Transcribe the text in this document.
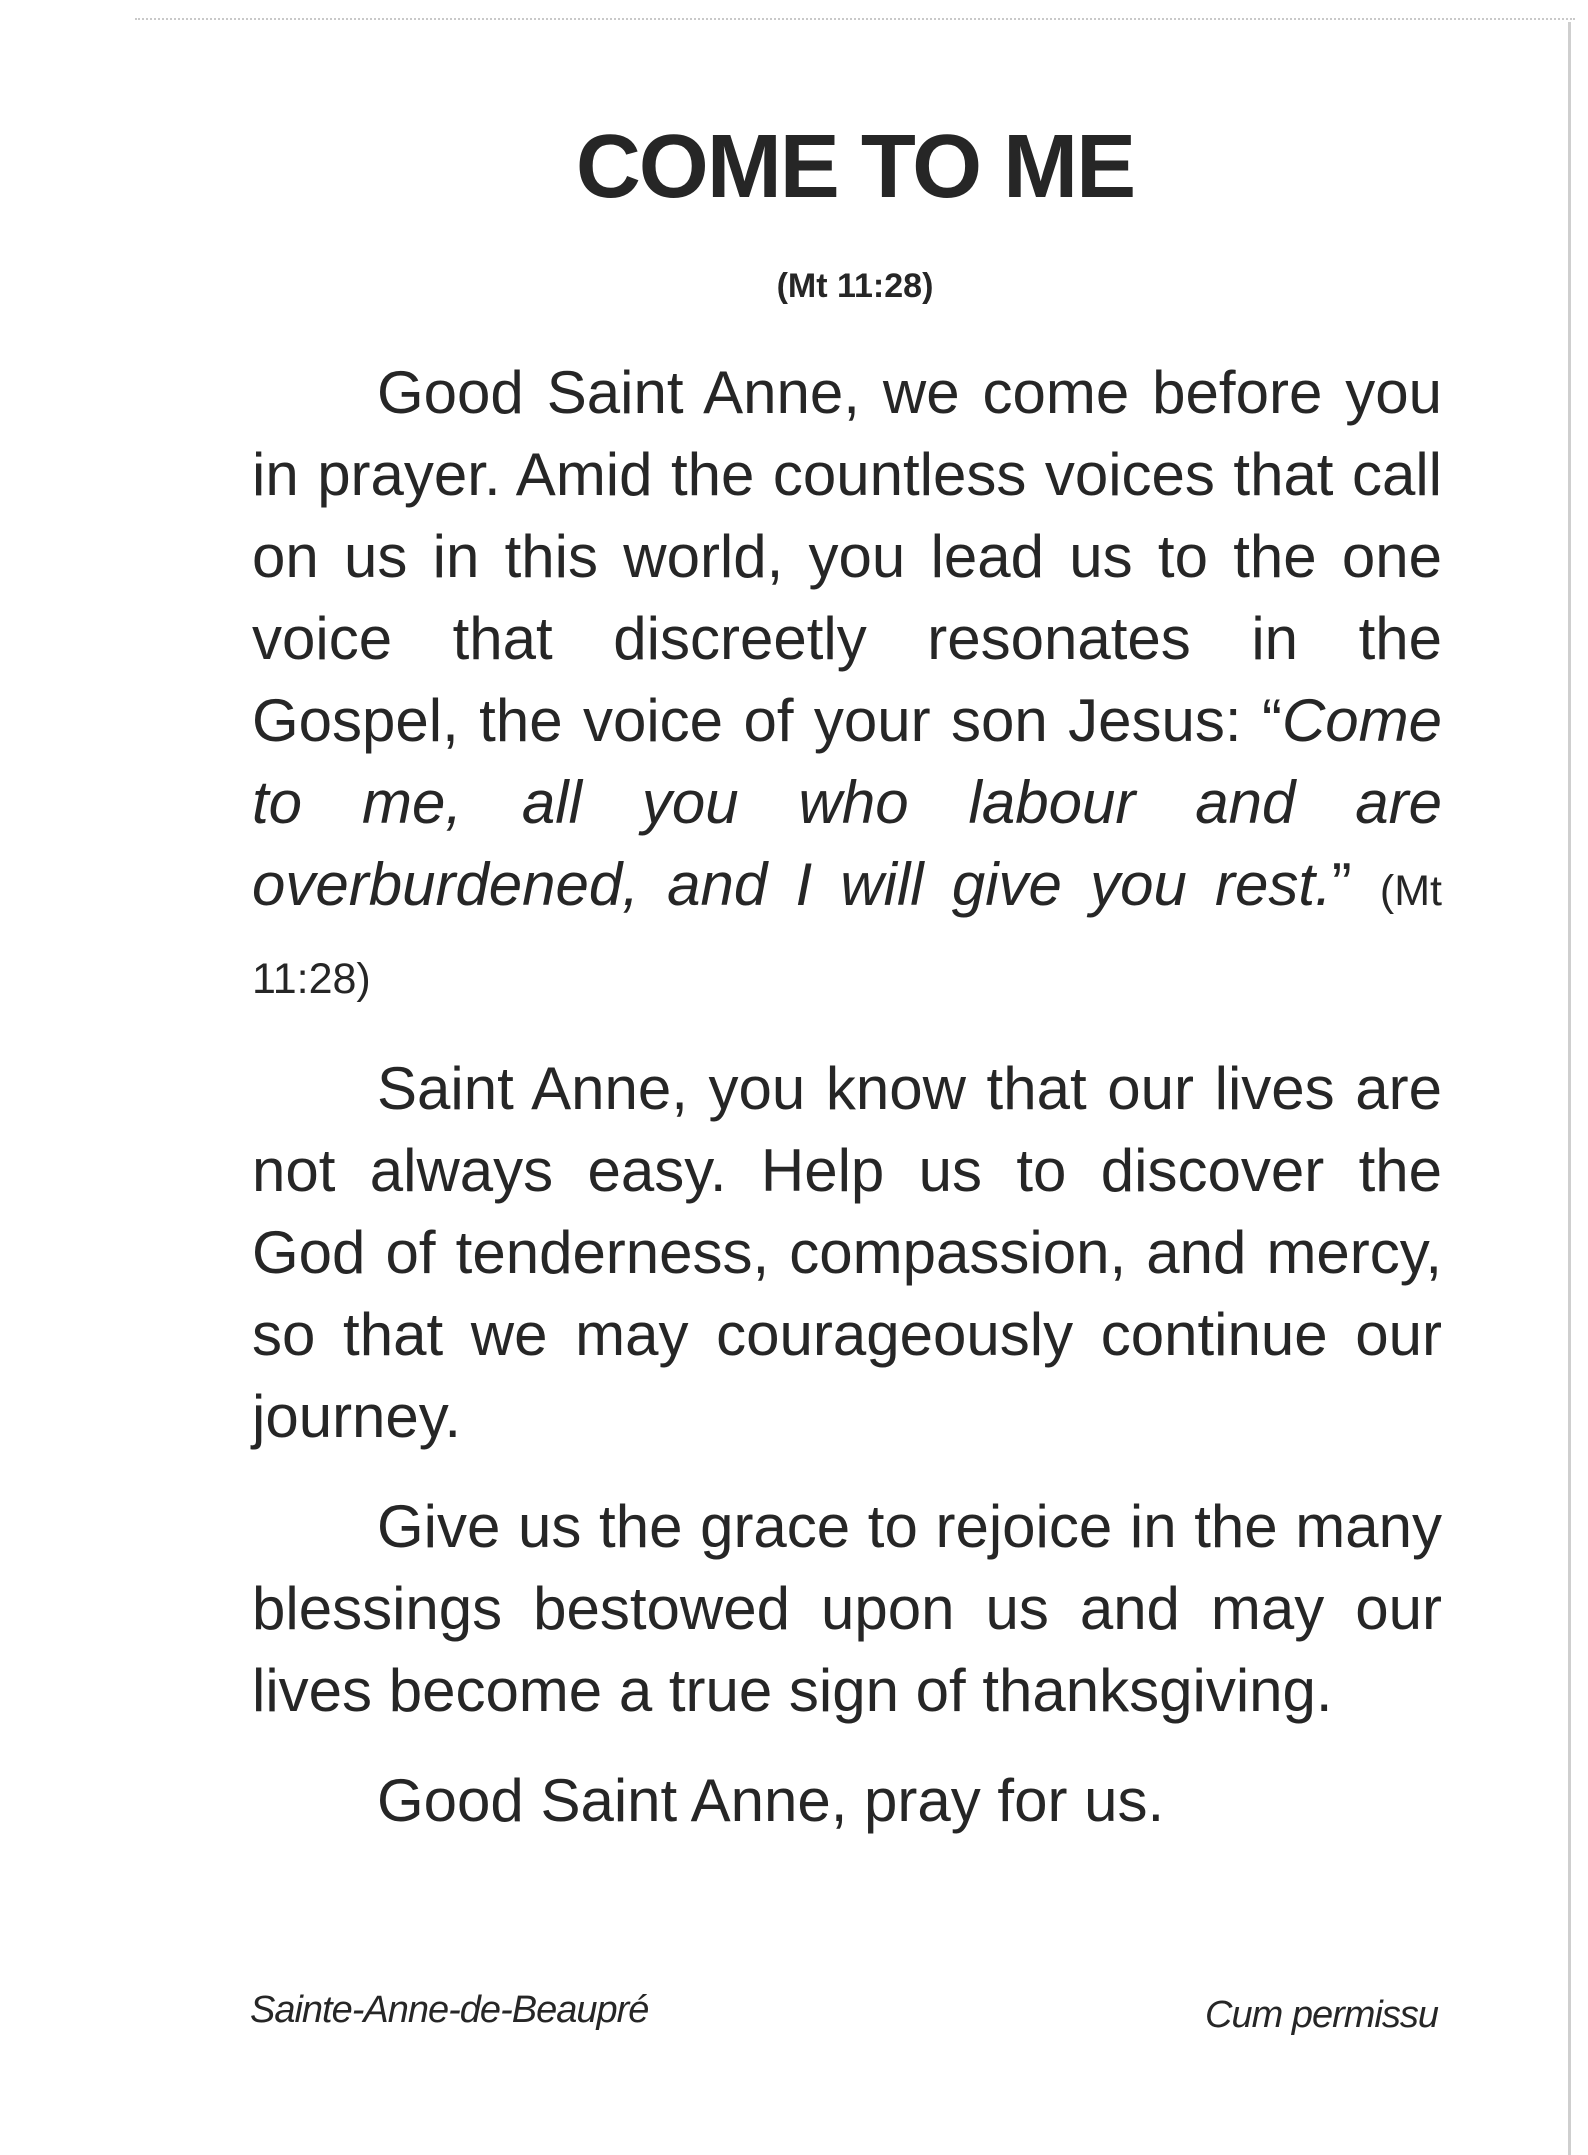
COME TO ME
(Mt 11:28)

Good Saint Anne, we come before you in prayer. Amid the countless voices that call on us in this world, you lead us to the one voice that discreetly resonates in the Gospel, the voice of your son Jesus: “Come to me, all you who labour and are overburdened, and I will give you rest.” (Mt 11:28)

Saint Anne, you know that our lives are not always easy. Help us to discover the God of tenderness, compassion, and mercy, so that we may courageously continue our journey.

Give us the grace to rejoice in the many blessings bestowed upon us and may our lives become a true sign of thanksgiving.

Good Saint Anne, pray for us.

Sainte-Anne-de-Beaupré	Cum permissu
